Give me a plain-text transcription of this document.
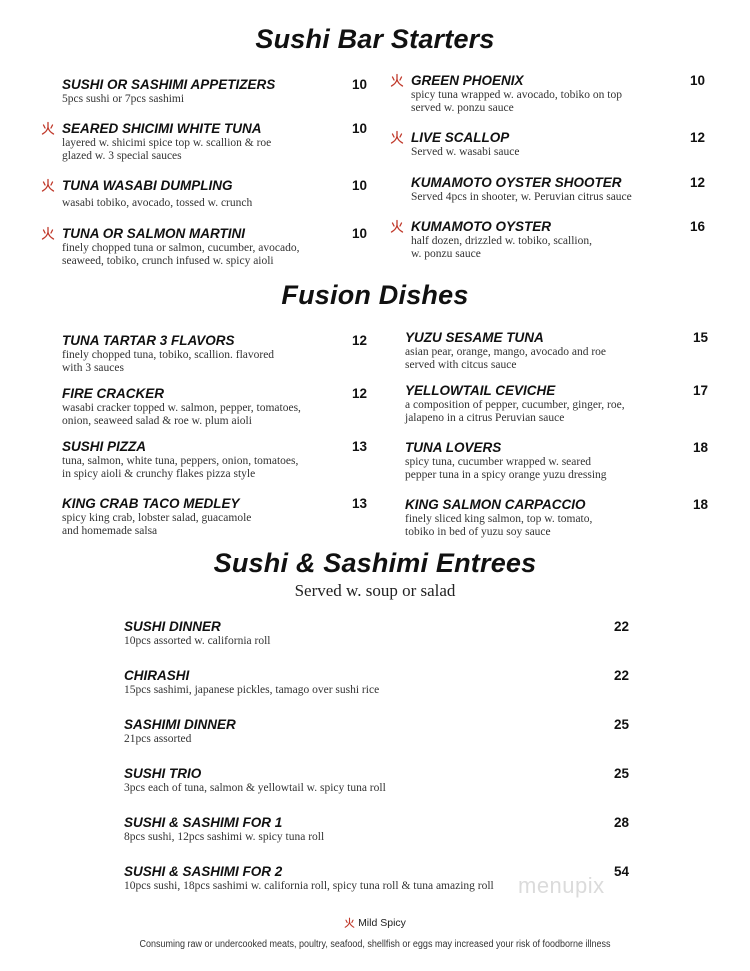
Sushi Bar Starters
Fusion Dishes
Sushi & Sashimi Entrees
Served w. soup or salad
SUSHI OR SASHIMI APPETIZERS
5pcs sushi or 7pcs sashimi
10
SEARED SHICIMI WHITE TUNA
layered w. shicimi spice top w. scallion & roe
glazed w. 3 special sauces
10
TUNA WASABI DUMPLING
wasabi tobiko, avocado, tossed w. crunch
10
TUNA OR SALMON MARTINI
finely chopped tuna or salmon, cucumber, avocado,
seaweed, tobiko, crunch infused w. spicy aioli
10
GREEN PHOENIX
spicy tuna wrapped w. avocado, tobiko on top
served w. ponzu sauce
10
LIVE SCALLOP
Served w. wasabi sauce
12
KUMAMOTO OYSTER SHOOTER
Served 4pcs in shooter, w. Peruvian citrus sauce
12
KUMAMOTO OYSTER
half dozen, drizzled w. tobiko, scallion,
w. ponzu sauce
16
TUNA TARTAR 3 FLAVORS
finely chopped tuna, tobiko, scallion. flavored
with 3 sauces
12
FIRE CRACKER
wasabi cracker topped w. salmon, pepper, tomatoes,
onion, seaweed salad & roe w. plum aioli
12
SUSHI PIZZA
tuna, salmon, white tuna, peppers, onion, tomatoes,
in spicy aioli & crunchy flakes pizza style
13
KING CRAB TACO MEDLEY
spicy king crab, lobster salad, guacamole
and homemade salsa
13
YUZU SESAME TUNA
asian pear, orange, mango, avocado and roe
served with citcus sauce
15
YELLOWTAIL CEVICHE
a composition of pepper, cucumber, ginger, roe,
jalapeno in a citrus Peruvian sauce
17
TUNA LOVERS
spicy tuna, cucumber wrapped w. seared
pepper tuna in a spicy orange yuzu dressing
18
KING SALMON CARPACCIO
finely sliced king salmon, top w. tomato,
tobiko in bed of yuzu soy sauce
18
SUSHI DINNER
10pcs assorted w. california roll
22
CHIRASHI
15pcs sashimi, japanese pickles, tamago over sushi rice
22
SASHIMI DINNER
21pcs assorted
25
SUSHI TRIO
3pcs each of tuna, salmon & yellowtail w. spicy tuna roll
25
SUSHI & SASHIMI FOR 1
8pcs sushi, 12pcs sashimi w. spicy tuna roll
28
SUSHI & SASHIMI FOR 2
10pcs sushi, 18pcs sashimi w. california roll, spicy tuna roll & tuna amazing roll
54
menupix
Mild Spicy
Consuming raw or undercooked meats, poultry, seafood, shellfish or eggs may increased your risk of foodborne illness
